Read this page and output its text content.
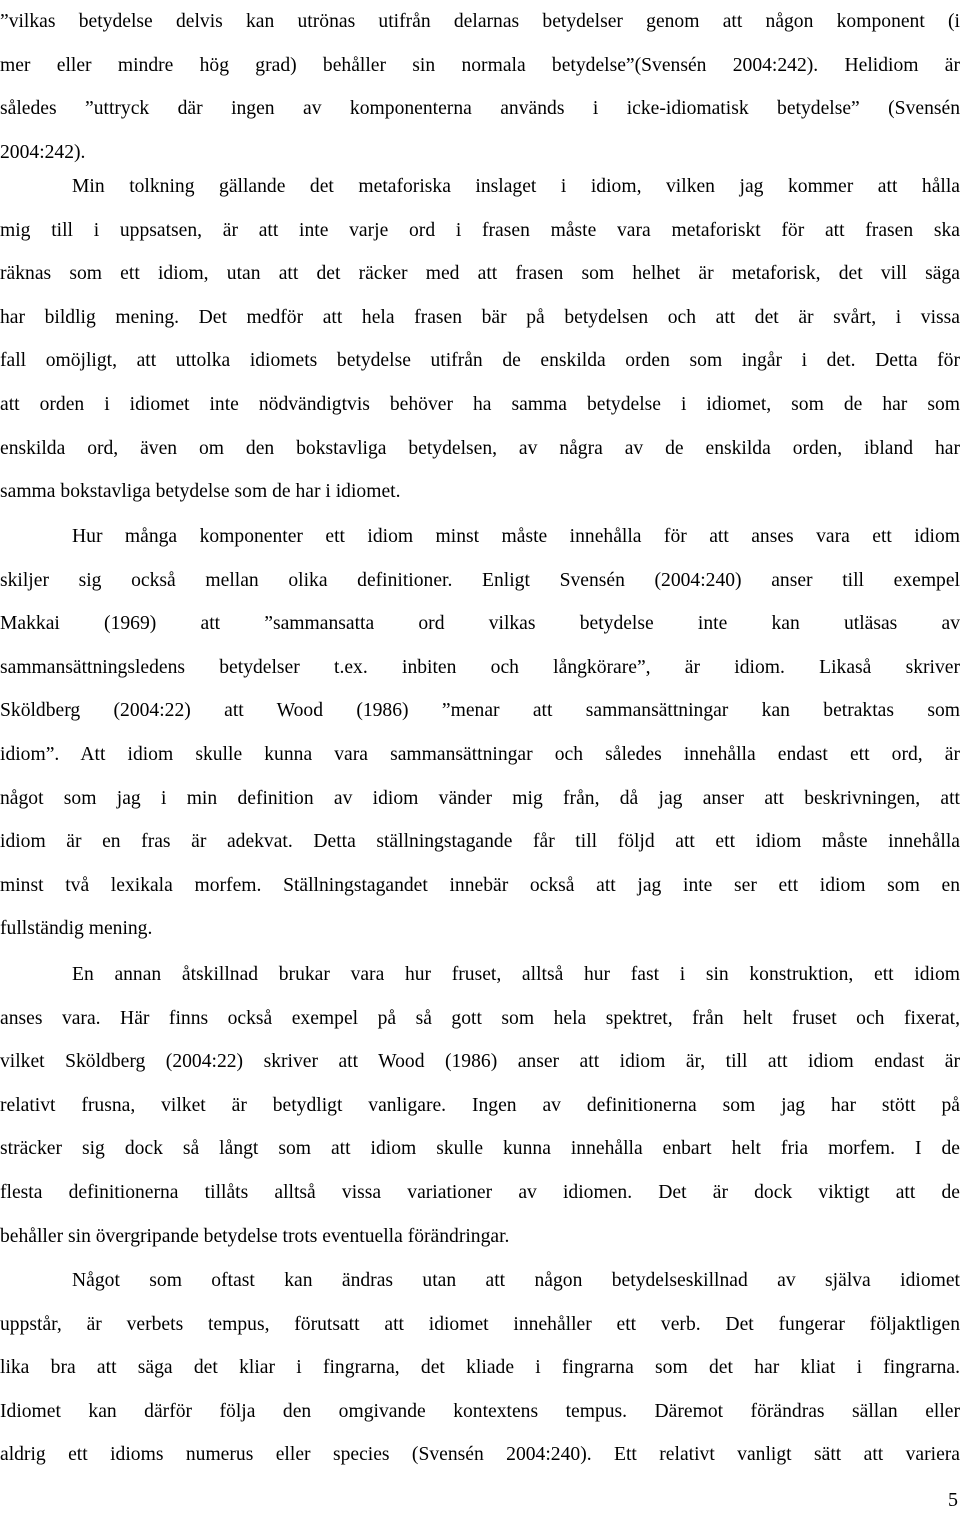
”vilkas betydelse delvis kan utrönas utifrån delarnas betydelser genom att någon komponent (i
mer eller mindre hög grad) behåller sin normala betydelse”(Svensén 2004:242). Helidiom är
således ”uttryck där ingen av komponenterna används i icke-idiomatisk betydelse” (Svensén
2004:242).
Min tolkning gällande det metaforiska inslaget i idiom, vilken jag kommer att hålla
mig till i uppsatsen, är att inte varje ord i frasen måste vara metaforiskt för att frasen ska
räknas som ett idiom, utan att det räcker med att frasen som helhet är metaforisk, det vill säga
har bildlig mening. Det medför att hela frasen bär på betydelsen och att det är svårt, i vissa
fall omöjligt, att uttolka idiomets betydelse utifrån de enskilda orden som ingår i det. Detta för
att orden i idiomet inte nödvändigtvis behöver ha samma betydelse i idiomet, som de har som
enskilda ord, även om den bokstavliga betydelsen, av några av de enskilda orden, ibland har
samma bokstavliga betydelse som de har i idiomet.
Hur många komponenter ett idiom minst måste innehålla för att anses vara ett idiom
skiljer sig också mellan olika definitioner. Enligt Svensén (2004:240) anser till exempel
Makkai (1969) att ”sammansatta ord vilkas betydelse inte kan utläsas av
sammansättningsledens betydelser t.ex. inbiten och långkörare”, är idiom. Likaså skriver
Sköldberg (2004:22) att Wood (1986) ”menar att sammansättningar kan betraktas som
idiom”. Att idiom skulle kunna vara sammansättningar och således innehålla endast ett ord, är
något som jag i min definition av idiom vänder mig från, då jag anser att beskrivningen, att
idiom är en fras är adekvat. Detta ställningstagande får till följd att ett idiom måste innehålla
minst två lexikala morfem. Ställningstagandet innebär också att jag inte ser ett idiom som en
fullständig mening.
En annan åtskillnad brukar vara hur fruset, alltså hur fast i sin konstruktion, ett idiom
anses vara. Här finns också exempel på så gott som hela spektret, från helt fruset och fixerat,
vilket Sköldberg (2004:22) skriver att Wood (1986) anser att idiom är, till att idiom endast är
relativt frusna, vilket är betydligt vanligare. Ingen av definitionerna som jag har stött på
sträcker sig dock så långt som att idiom skulle kunna innehålla enbart helt fria morfem. I de
flesta definitionerna tillåts alltså vissa variationer av idiomen. Det är dock viktigt att de
behåller sin övergripande betydelse trots eventuella förändringar.
Något som oftast kan ändras utan att någon betydelseskillnad av själva idiomet
uppstår, är verbets tempus, förutsatt att idiomet innehåller ett verb. Det fungerar följaktligen
lika bra att säga det kliar i fingrarna, det kliade i fingrarna som det har kliat i fingrarna.
Idiomet kan därför följa den omgivande kontextens tempus. Däremot förändras sällan eller
aldrig ett idioms numerus eller species (Svensén 2004:240). Ett relativt vanligt sätt att variera
5
